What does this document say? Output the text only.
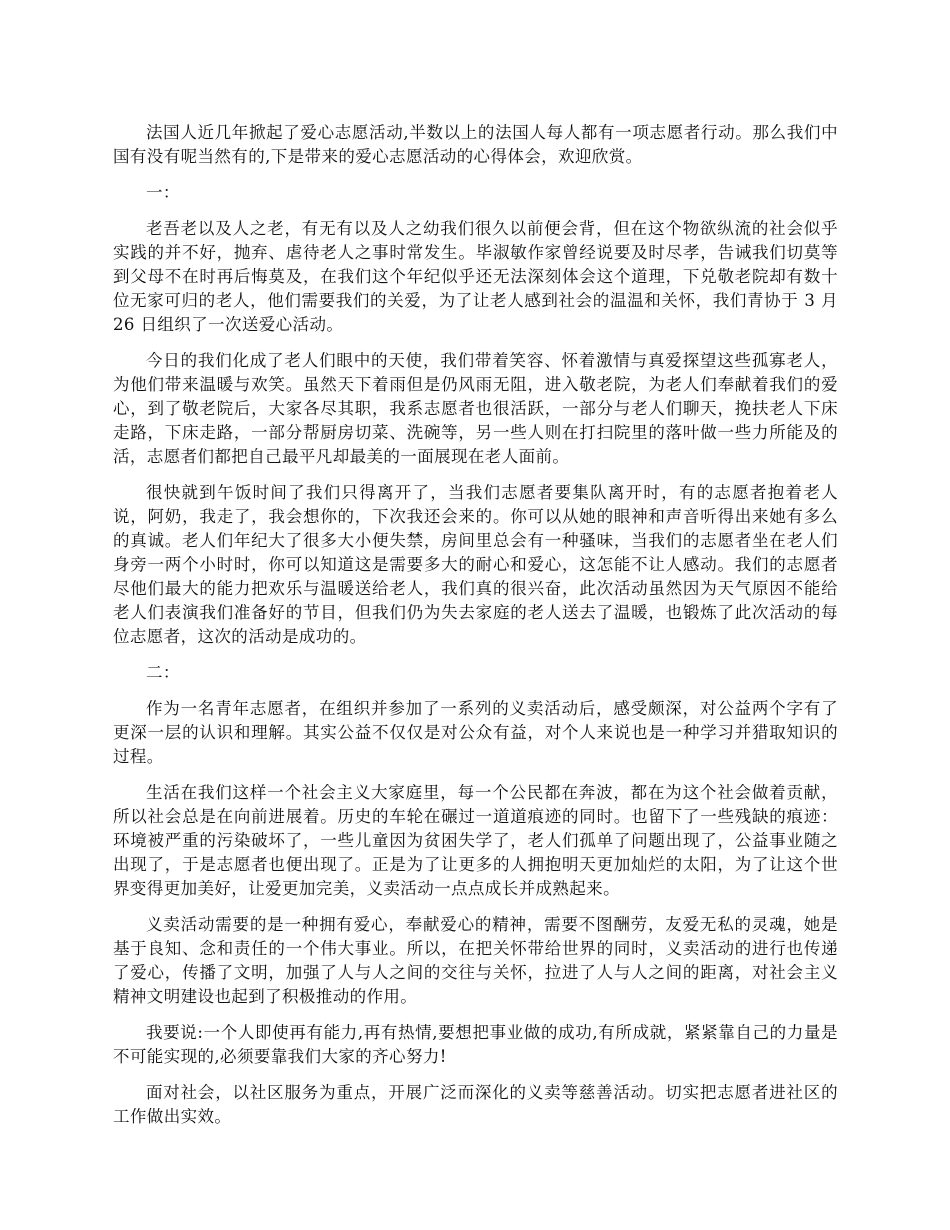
法国人近几年掀起了爱心志愿活动,半数以上的法国人每人都有一项志愿者行动。那么我们中国有没有呢当然有的,下是带来的爱心志愿活动的心得体会，欢迎欣赏。

一：

老吾老以及人之老，有无有以及人之幼我们很久以前便会背，但在这个物欲纵流的社会似乎实践的并不好，抛弃、虐待老人之事时常发生。毕淑敏作家曾经说要及时尽孝，告诫我们切莫等到父母不在时再后悔莫及，在我们这个年纪似乎还无法深刻体会这个道理，下兑敬老院却有数十位无家可归的老人，他们需要我们的关爱，为了让老人感到社会的温温和关怀，我们青协于 3 月 26 日组织了一次送爱心活动。

今日的我们化成了老人们眼中的天使，我们带着笑容、怀着激情与真爱探望这些孤寡老人，为他们带来温暖与欢笑。虽然天下着雨但是仍风雨无阻，进入敬老院，为老人们奉献着我们的爱心，到了敬老院后，大家各尽其职，我系志愿者也很活跃，一部分与老人们聊天，挽扶老人下床走路，下床走路，一部分帮厨房切菜、洗碗等，另一些人则在打扫院里的落叶做一些力所能及的活，志愿者们都把自己最平凡却最美的一面展现在老人面前。

很快就到午饭时间了我们只得离开了，当我们志愿者要集队离开时，有的志愿者抱着老人说，阿奶，我走了，我会想你的，下次我还会来的。你可以从她的眼神和声音听得出来她有多么的真诚。老人们年纪大了很多大小便失禁，房间里总会有一种骚味，当我们的志愿者坐在老人们身旁一两个小时时，你可以知道这是需要多大的耐心和爱心，这怎能不让人感动。我们的志愿者尽他们最大的能力把欢乐与温暖送给老人，我们真的很兴奋，此次活动虽然因为天气原因不能给老人们表演我们准备好的节目，但我们仍为失去家庭的老人送去了温暖，也锻炼了此次活动的每位志愿者，这次的活动是成功的。

二：

作为一名青年志愿者，在组织并参加了一系列的义卖活动后，感受颇深，对公益两个字有了更深一层的认识和理解。其实公益不仅仅是对公众有益，对个人来说也是一种学习并猎取知识的过程。

生活在我们这样一个社会主义大家庭里，每一个公民都在奔波，都在为这个社会做着贡献，所以社会总是在向前进展着。历史的车轮在碾过一道道痕迹的同时。也留下了一些残缺的痕迹：环境被严重的污染破坏了，一些儿童因为贫困失学了，老人们孤单了问题出现了，公益事业随之出现了，于是志愿者也便出现了。正是为了让更多的人拥抱明天更加灿烂的太阳，为了让这个世界变得更加美好，让爱更加完美，义卖活动一点点成长并成熟起来。

义卖活动需要的是一种拥有爱心，奉献爱心的精神，需要不图酬劳，友爱无私的灵魂，她是基于良知、念和责任的一个伟大事业。所以，在把关怀带给世界的同时，义卖活动的进行也传递了爱心，传播了文明，加强了人与人之间的交往与关怀，拉进了人与人之间的距离，对社会主义精神文明建设也起到了积极推动的作用。

我要说:一个人即使再有能力,再有热情,要想把事业做的成功,有所成就，紧紧靠自己的力量是不可能实现的,必须要靠我们大家的齐心努力!

面对社会，以社区服务为重点，开展广泛而深化的义卖等慈善活动。切实把志愿者进社区的工作做出实效。
